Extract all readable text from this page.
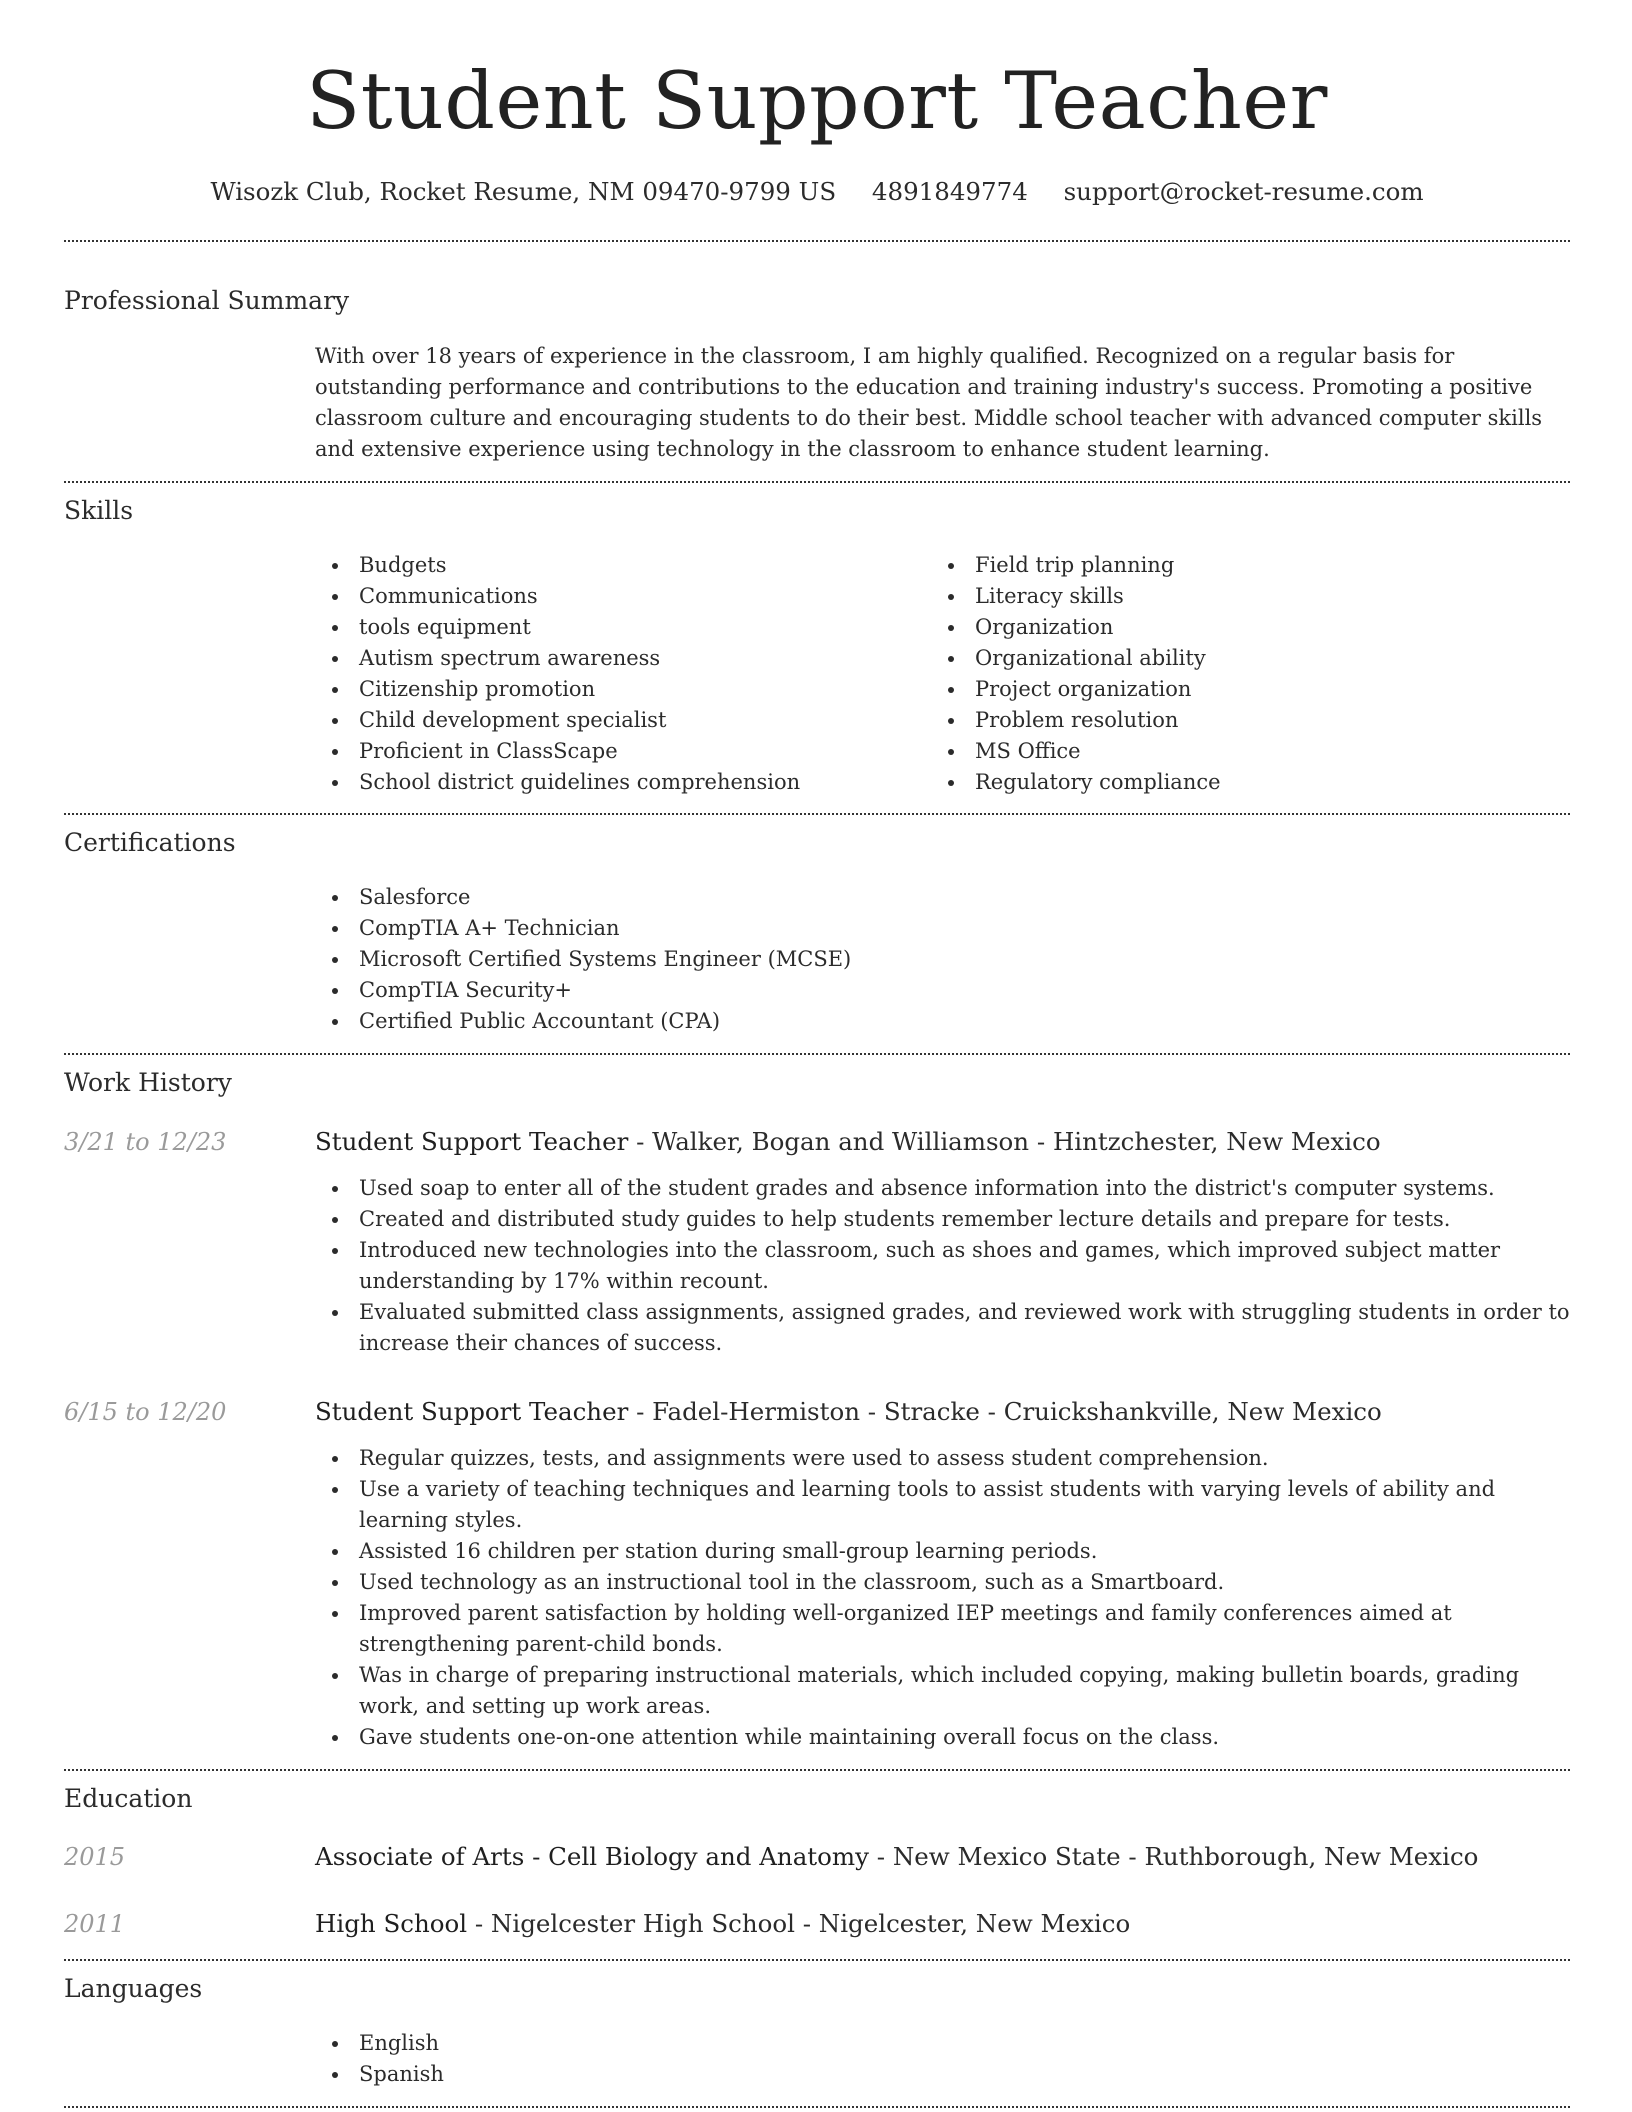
Student Support Teacher
Wisozk Club, Rocket Resume, NM 09470-9799 US 4891849774 support@rocket-resume.com
Professional Summary

With over 18 years of experience in the classroom, I am highly qualified. Recognized on a regular basis for outstanding performance and contributions to the education and training industry's success. Promoting a positive classroom culture and encouraging students to do their best. Middle school teacher with advanced computer skills and extensive experience using technology in the classroom to enhance student learning.

Skills
Budgets
Communications
tools equipment
Autism spectrum awareness
Citizenship promotion
Child development specialist
Proficient in ClassScape
School district guidelines comprehension
Field trip planning
Literacy skills
Organization
Organizational ability
Project organization
Problem resolution
MS Office
Regulatory compliance
Certifications
Salesforce
CompTIA A+ Technician
Microsoft Certified Systems Engineer (MCSE)
CompTIA Security+
Certified Public Accountant (CPA)
Work History
3/21 to 12/23	Student Support Teacher - Walker, Bogan and Williamson - Hintzchester, New Mexico
Used soap to enter all of the student grades and absence information into the district's computer systems.
Created and distributed study guides to help students remember lecture details and prepare for tests.
Introduced new technologies into the classroom, such as shoes and games, which improved subject matter understanding by 17% within recount.
Evaluated submitted class assignments, assigned grades, and reviewed work with struggling students in order to increase their chances of success.
6/15 to 12/20	Student Support Teacher - Fadel-Hermiston - Stracke - Cruickshankville, New Mexico
Regular quizzes, tests, and assignments were used to assess student comprehension.
Use a variety of teaching techniques and learning tools to assist students with varying levels of ability and learning styles.
Assisted 16 children per station during small-group learning periods.
Used technology as an instructional tool in the classroom, such as a Smartboard.
Improved parent satisfaction by holding well-organized IEP meetings and family conferences aimed at strengthening parent-child bonds.
Was in charge of preparing instructional materials, which included copying, making bulletin boards, grading work, and setting up work areas.
Gave students one-on-one attention while maintaining overall focus on the class.
Education
2015	Associate of Arts - Cell Biology and Anatomy - New Mexico State - Ruthborough, New Mexico
2011	High School - Nigelcester High School - Nigelcester, New Mexico
Languages
English
Spanish
